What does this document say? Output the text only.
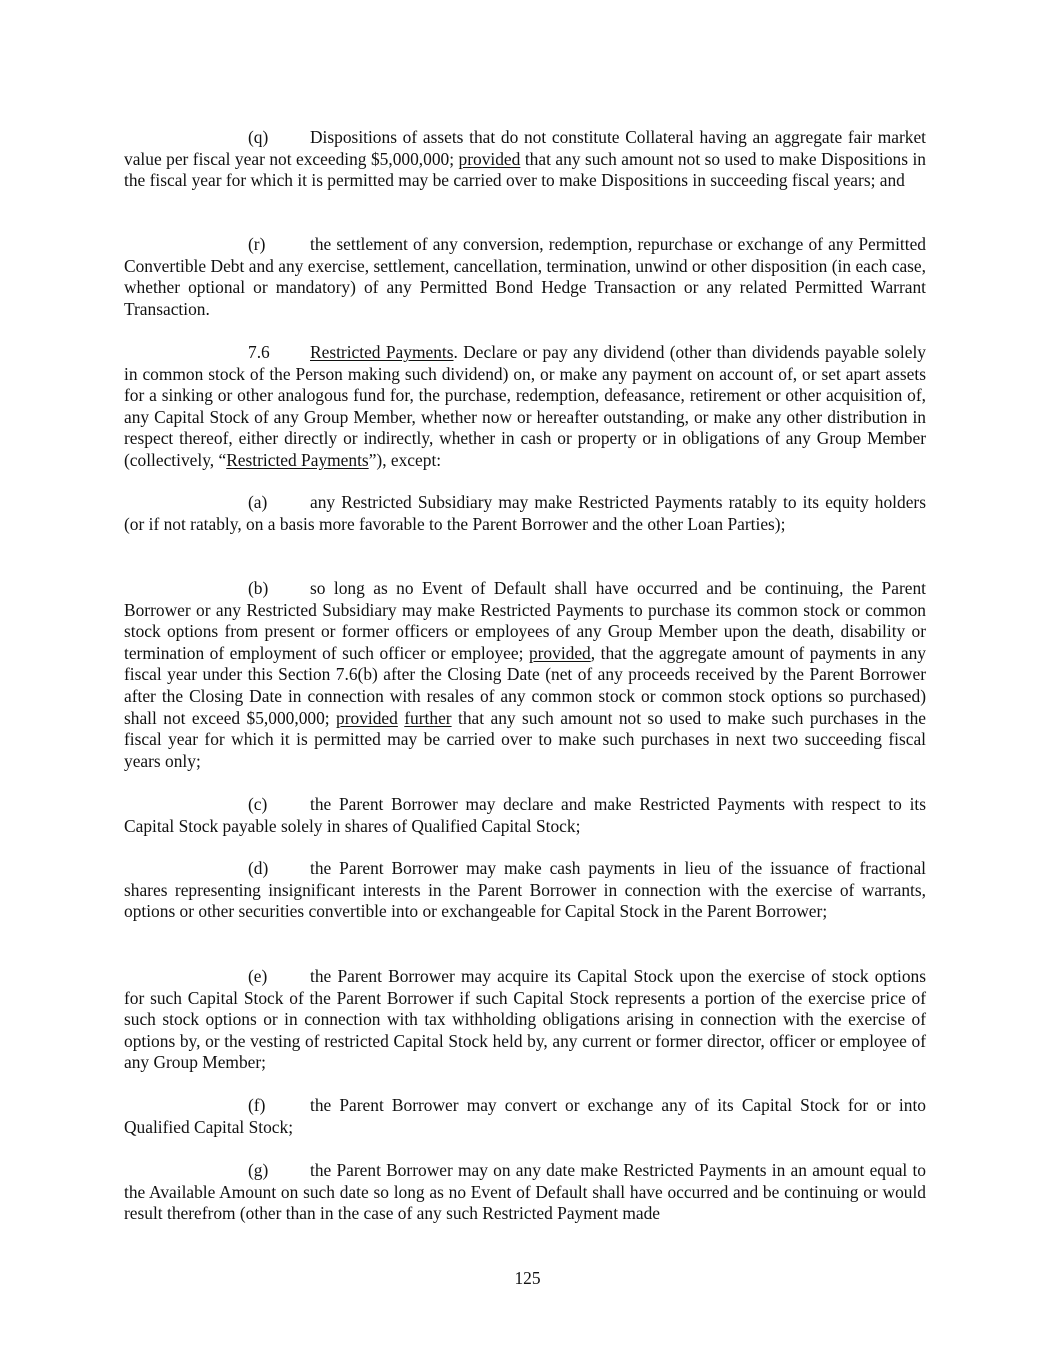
(q) Dispositions of assets that do not constitute Collateral having an aggregate fair market value per fiscal year not exceeding $5,000,000; provided that any such amount not so used to make Dispositions in the fiscal year for which it is permitted may be carried over to make Dispositions in succeeding fiscal years; and

(r)	the settlement of any conversion, redemption, repurchase or exchange of any Permitted Convertible Debt and any exercise, settlement, cancellation, termination, unwind or other disposition (in each case, whether optional or mandatory) of any Permitted Bond Hedge Transaction or any related Permitted Warrant Transaction.

7.6 Restricted Payments. Declare or pay any dividend (other than dividends payable solely in common stock of the Person making such dividend) on, or make any payment on account of, or set apart assets for a sinking or other analogous fund for, the purchase, redemption, defeasance, retirement or other acquisition of, any Capital Stock of any Group Member, whether now or hereafter outstanding, or make any other distribution in respect thereof, either directly or indirectly, whether in cash or property or in obligations of any Group Member (collectively, “Restricted Payments”), except:

(a) any Restricted Subsidiary may make Restricted Payments ratably to its equity holders (or if not ratably, on a basis more favorable to the Parent Borrower and the other Loan Parties);

(b) so long as no Event of Default shall have occurred and be continuing, the Parent Borrower or any Restricted Subsidiary may make Restricted Payments to purchase its common stock or common stock options from present or former officers or employees of any Group Member upon the death, disability or termination of employment of such officer or employee; provided, that the aggregate amount of payments in any fiscal year under this Section 7.6(b) after the Closing Date (net of any proceeds received by the Parent Borrower after the Closing Date in connection with resales of any common stock or common stock options so purchased) shall not exceed $5,000,000; provided further that any such amount not so used to make such purchases in the fiscal year for which it is permitted may be carried over to make such purchases in next two succeeding fiscal years only;

(c) the Parent Borrower may declare and make Restricted Payments with respect to its Capital Stock payable solely in shares of Qualified Capital Stock;

(d) the Parent Borrower may make cash payments in lieu of the issuance of fractional shares representing insignificant interests in the Parent Borrower in connection with the exercise of warrants, options or other securities convertible into or exchangeable for Capital Stock in the Parent Borrower;

(e) the Parent Borrower may acquire its Capital Stock upon the exercise of stock options for such Capital Stock of the Parent Borrower if such Capital Stock represents a portion of the exercise price of such stock options or in connection with tax withholding obligations arising in connection with the exercise of options by, or the vesting of restricted Capital Stock held by, any current or former director, officer or employee of any Group Member;

(f)	the Parent Borrower may convert or exchange any of its Capital Stock for or into Qualified Capital Stock;

(g) the Parent Borrower may on any date make Restricted Payments in an amount equal to the Available Amount on such date so long as no Event of Default shall have occurred and be continuing or would result therefrom (other than in the case of any such Restricted Payment made

125
